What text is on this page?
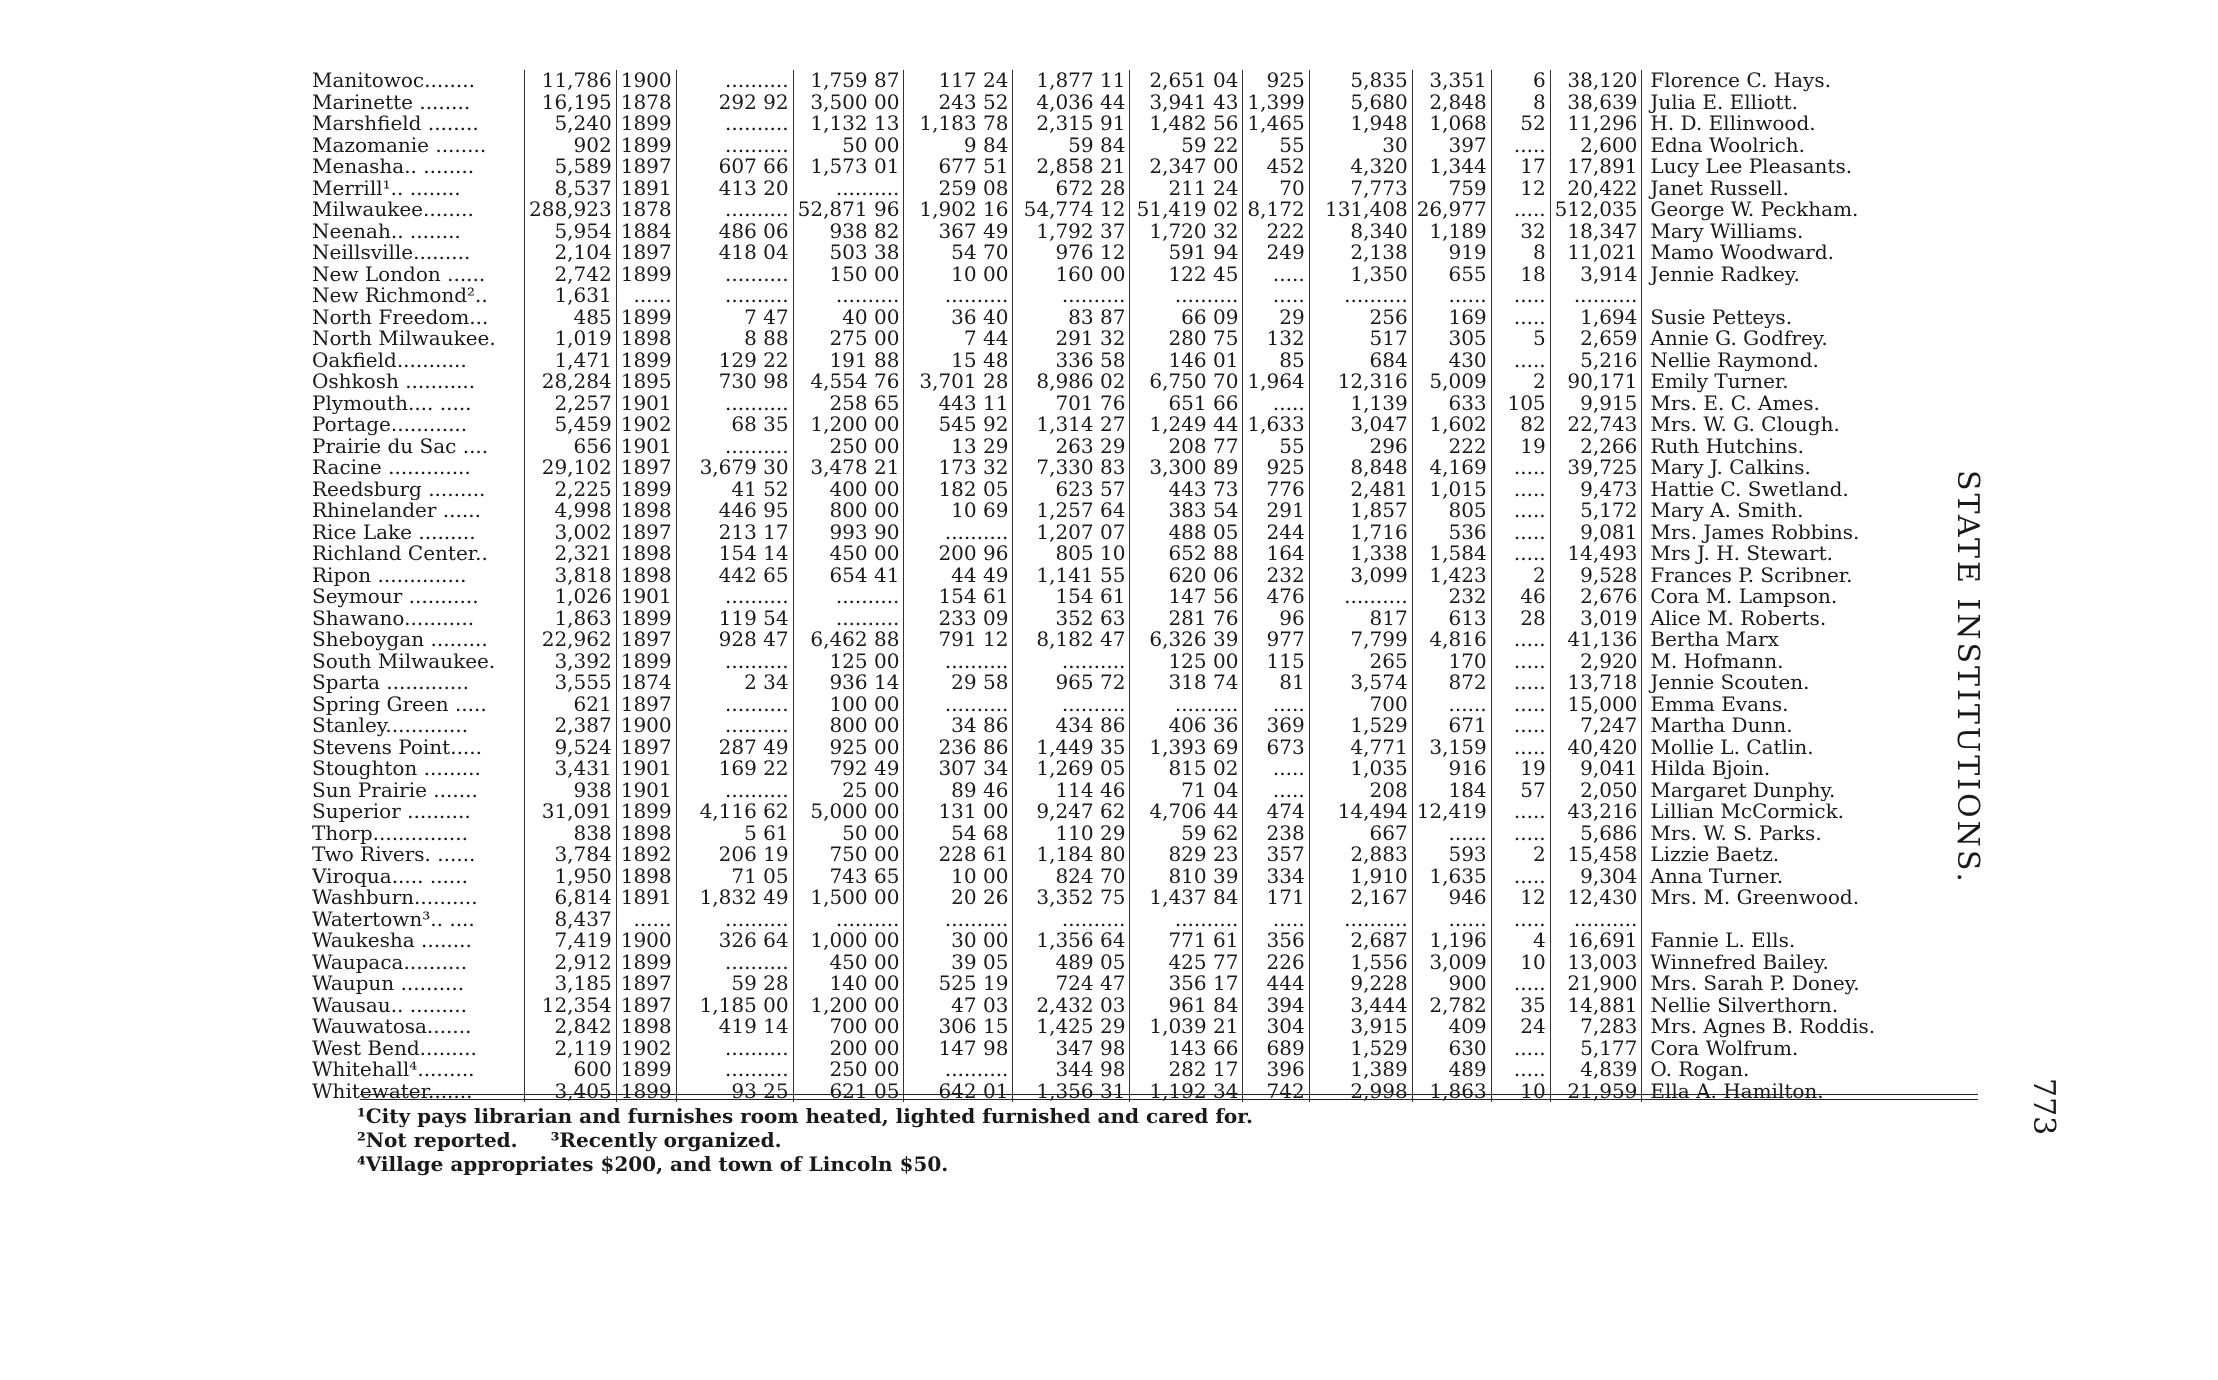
Manitowoc........	11,786	1900	..........	1,759 87	117 24	1,877 11	2,651 04	925	5,835	3,351	6	38,120	Florence C. Hays.
Marinette ........	16,195	1878	292 92	3,500 00	243 52	4,036 44	3,941 43	1,399	5,680	2,848	8	38,639	Julia E. Elliott.
Marshfield ........	5,240	1899	..........	1,132 13	1,183 78	2,315 91	1,482 56	1,465	1,948	1,068	52	11,296	H. D. Ellinwood.
Mazomanie ........	902	1899	..........	50 00	9 84	59 84	59 22	55	30	397	.....	2,600	Edna Woolrich.
Menasha.. ........	5,589	1897	607 66	1,573 01	677 51	2,858 21	2,347 00	452	4,320	1,344	17	17,891	Lucy Lee Pleasants.
Merrill¹.. ........	8,537	1891	413 20	..........	259 08	672 28	211 24	70	7,773	759	12	20,422	Janet Russell.
Milwaukee........	288,923	1878	..........	52,871 96	1,902 16	54,774 12	51,419 02	8,172	131,408	26,977	.....	512,035	George W. Peckham.
Neenah.. ........	5,954	1884	486 06	938 82	367 49	1,792 37	1,720 32	222	8,340	1,189	32	18,347	Mary Williams.
Neillsville.........	2,104	1897	418 04	503 38	54 70	976 12	591 94	249	2,138	919	8	11,021	Mamo Woodward.
New London ......	2,742	1899	..........	150 00	10 00	160 00	122 45	.....	1,350	655	18	3,914	Jennie Radkey.
New Richmond²..	1,631	......	..........	..........	..........	..........	..........	.....	..........	......	.....	..........	
North Freedom...	485	1899	7 47	40 00	36 40	83 87	66 09	29	256	169	.....	1,694	Susie Petteys.
North Milwaukee.	1,019	1898	8 88	275 00	7 44	291 32	280 75	132	517	305	5	2,659	Annie G. Godfrey.
Oakfield...........	1,471	1899	129 22	191 88	15 48	336 58	146 01	85	684	430	.....	5,216	Nellie Raymond.
Oshkosh ...........	28,284	1895	730 98	4,554 76	3,701 28	8,986 02	6,750 70	1,964	12,316	5,009	2	90,171	Emily Turner.
Plymouth.... .....	2,257	1901	..........	258 65	443 11	701 76	651 66	.....	1,139	633	105	9,915	Mrs. E. C. Ames.
Portage............	5,459	1902	68 35	1,200 00	545 92	1,314 27	1,249 44	1,633	3,047	1,602	82	22,743	Mrs. W. G. Clough.
Prairie du Sac ....	656	1901	..........	250 00	13 29	263 29	208 77	55	296	222	19	2,266	Ruth Hutchins.
Racine .............	29,102	1897	3,679 30	3,478 21	173 32	7,330 83	3,300 89	925	8,848	4,169	.....	39,725	Mary J. Calkins.
Reedsburg .........	2,225	1899	41 52	400 00	182 05	623 57	443 73	776	2,481	1,015	.....	9,473	Hattie C. Swetland.
Rhinelander ......	4,998	1898	446 95	800 00	10 69	1,257 64	383 54	291	1,857	805	.....	5,172	Mary A. Smith.
Rice Lake .........	3,002	1897	213 17	993 90	..........	1,207 07	488 05	244	1,716	536	.....	9,081	Mrs. James Robbins.
Richland Center..	2,321	1898	154 14	450 00	200 96	805 10	652 88	164	1,338	1,584	.....	14,493	Mrs J. H. Stewart.
Ripon ..............	3,818	1898	442 65	654 41	44 49	1,141 55	620 06	232	3,099	1,423	2	9,528	Frances P. Scribner.
Seymour ...........	1,026	1901	..........	..........	154 61	154 61	147 56	476	..........	232	46	2,676	Cora M. Lampson.
Shawano...........	1,863	1899	119 54	..........	233 09	352 63	281 76	96	817	613	28	3,019	Alice M. Roberts.
Sheboygan .........	22,962	1897	928 47	6,462 88	791 12	8,182 47	6,326 39	977	7,799	4,816	.....	41,136	Bertha Marx
South Milwaukee.	3,392	1899	..........	125 00	..........	..........	125 00	115	265	170	.....	2,920	M. Hofmann.
Sparta .............	3,555	1874	2 34	936 14	29 58	965 72	318 74	81	3,574	872	.....	13,718	Jennie Scouten.
Spring Green .....	621	1897	..........	100 00	..........	..........	..........	.....	700	......	.....	15,000	Emma Evans.
Stanley.............	2,387	1900	..........	800 00	34 86	434 86	406 36	369	1,529	671	.....	7,247	Martha Dunn.
Stevens Point.....	9,524	1897	287 49	925 00	236 86	1,449 35	1,393 69	673	4,771	3,159	.....	40,420	Mollie L. Catlin.
Stoughton .........	3,431	1901	169 22	792 49	307 34	1,269 05	815 02	.....	1,035	916	19	9,041	Hilda Bjoin.
Sun Prairie .......	938	1901	..........	25 00	89 46	114 46	71 04	.....	208	184	57	2,050	Margaret Dunphy.
Superior ..........	31,091	1899	4,116 62	5,000 00	131 00	9,247 62	4,706 44	474	14,494	12,419	.....	43,216	Lillian McCormick.
Thorp...............	838	1898	5 61	50 00	54 68	110 29	59 62	238	667	......	.....	5,686	Mrs. W. S. Parks.
Two Rivers. ......	3,784	1892	206 19	750 00	228 61	1,184 80	829 23	357	2,883	593	2	15,458	Lizzie Baetz.
Viroqua..... ......	1,950	1898	71 05	743 65	10 00	824 70	810 39	334	1,910	1,635	.....	9,304	Anna Turner.
Washburn..........	6,814	1891	1,832 49	1,500 00	20 26	3,352 75	1,437 84	171	2,167	946	12	12,430	Mrs. M. Greenwood.
Watertown³.. ....	8,437	......	..........	..........	..........	..........	..........	.....	..........	......	.....	..........	
Waukesha ........	7,419	1900	326 64	1,000 00	30 00	1,356 64	771 61	356	2,687	1,196	4	16,691	Fannie L. Ells.
Waupaca..........	2,912	1899	..........	450 00	39 05	489 05	425 77	226	1,556	3,009	10	13,003	Winnefred Bailey.
Waupun ..........	3,185	1897	59 28	140 00	525 19	724 47	356 17	444	9,228	900	.....	21,900	Mrs. Sarah P. Doney.
Wausau.. .........	12,354	1897	1,185 00	1,200 00	47 03	2,432 03	961 84	394	3,444	2,782	35	14,881	Nellie Silverthorn.
Wauwatosa.......	2,842	1898	419 14	700 00	306 15	1,425 29	1,039 21	304	3,915	409	24	7,283	Mrs. Agnes B. Roddis.
West Bend.........	2,119	1902	..........	200 00	147 98	347 98	143 66	689	1,529	630	.....	5,177	Cora Wolfrum.
Whitehall⁴.........	600	1899	..........	250 00	..........	344 98	282 17	396	1,389	489	.....	4,839	O. Rogan.
Whitewater.......	3,405	1899	93 25	621 05	642 01	1,356 31	1,192 34	742	2,998	1,863	10	21,959	Ella A. Hamilton.
¹City pays librarian and furnishes room heated, lighted furnished and cared for.
²Not reported. ³Recently organized.
⁴Village appropriates $200, and town of Lincoln $50.
STATE INSTITUTIONS.
773
